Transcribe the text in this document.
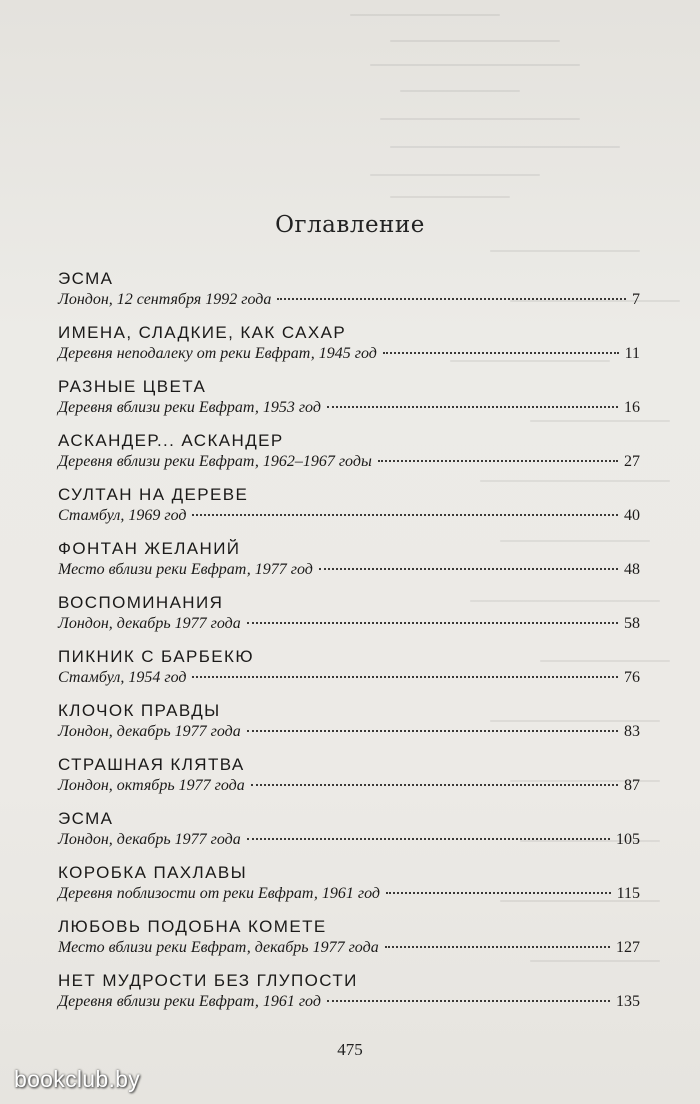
Оглавление
ЭСМА
Лондон, 12 сентября 1992 года	7
ИМЕНА, СЛАДКИЕ, КАК САХАР
Деревня неподалеку от реки Евфрат, 1945 год	11
РАЗНЫЕ ЦВЕТА
Деревня вблизи реки Евфрат, 1953 год	16
АСКАНДЕР... АСКАНДЕР
Деревня вблизи реки Евфрат, 1962–1967 годы	27
СУЛТАН НА ДЕРЕВЕ
Стамбул, 1969 год	40
ФОНТАН ЖЕЛАНИЙ
Место вблизи реки Евфрат, 1977 год	48
ВОСПОМИНАНИЯ
Лондон, декабрь 1977 года	58
ПИКНИК С БАРБЕКЮ
Стамбул, 1954 год	76
КЛОЧОК ПРАВДЫ
Лондон, декабрь 1977 года	83
СТРАШНАЯ КЛЯТВА
Лондон, октябрь 1977 года	87
ЭСМА
Лондон, декабрь 1977 года	105
КОРОБКА ПАХЛАВЫ
Деревня поблизости от реки Евфрат, 1961 год	115
ЛЮБОВЬ ПОДОБНА КОМЕТЕ
Место вблизи реки Евфрат, декабрь 1977 года	127
НЕТ МУДРОСТИ БЕЗ ГЛУПОСТИ
Деревня вблизи реки Евфрат, 1961 год	135
475
bookclub.by
